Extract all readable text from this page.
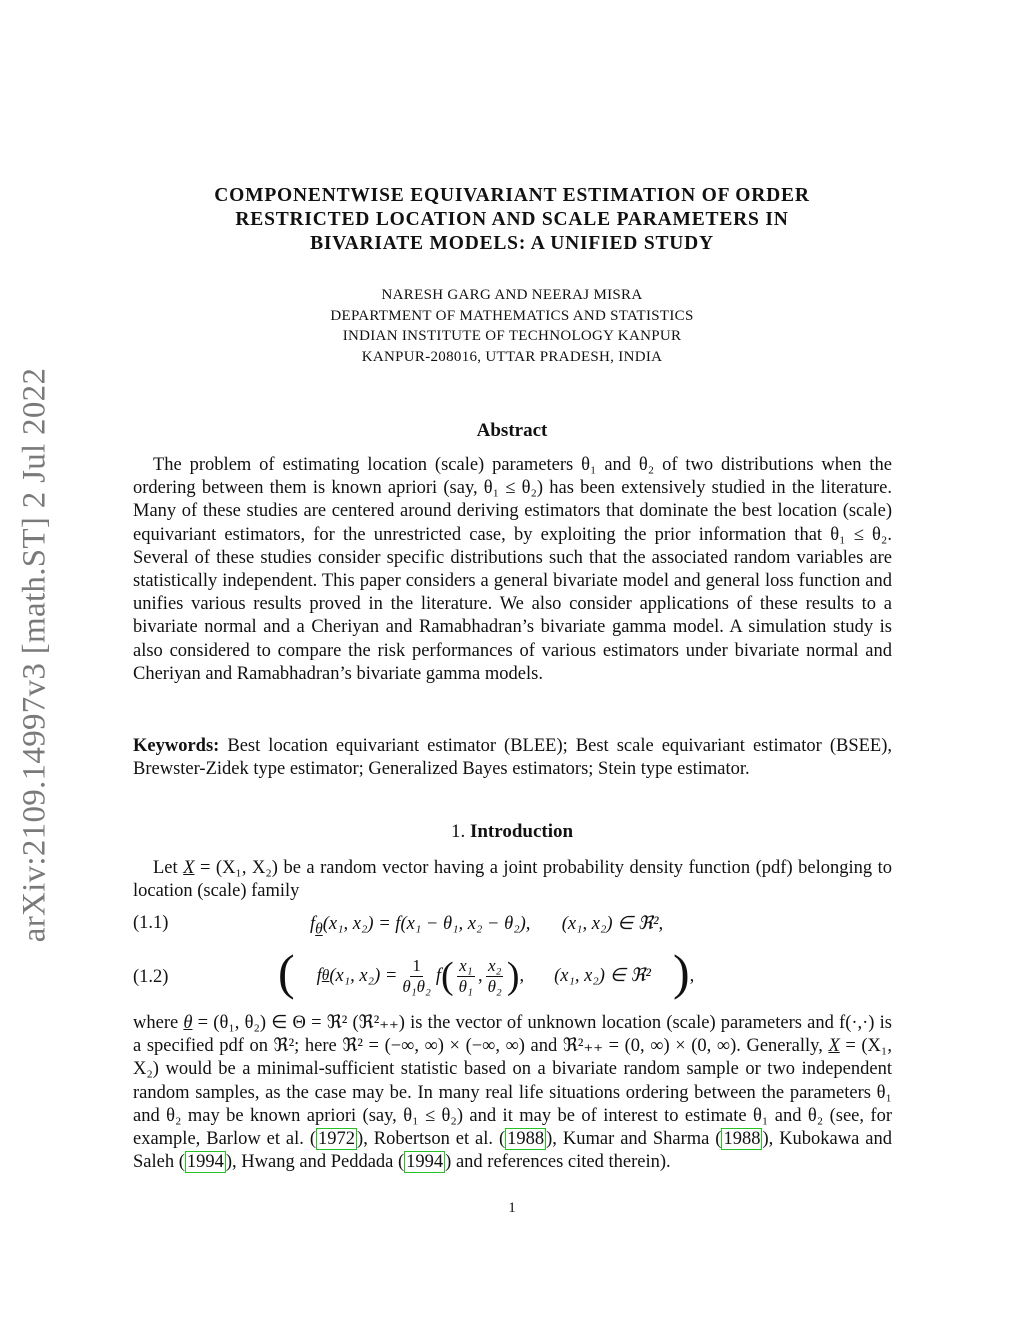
arXiv:2109.14997v3 [math.ST] 2 Jul 2022
COMPONENTWISE EQUIVARIANT ESTIMATION OF ORDER
RESTRICTED LOCATION AND SCALE PARAMETERS IN
BIVARIATE MODELS: A UNIFIED STUDY
NARESH GARG AND NEERAJ MISRA
DEPARTMENT OF MATHEMATICS AND STATISTICS
INDIAN INSTITUTE OF TECHNOLOGY KANPUR
KANPUR-208016, UTTAR PRADESH, INDIA
Abstract
The problem of estimating location (scale) parameters θ₁ and θ₂ of two distributions when the ordering between them is known apriori (say, θ₁ ≤ θ₂) has been extensively studied in the literature. Many of these studies are centered around deriving estimators that dominate the best location (scale) equivariant estimators, for the unrestricted case, by exploiting the prior information that θ₁ ≤ θ₂. Several of these studies consider specific distributions such that the associated random variables are statistically independent. This paper considers a general bivariate model and general loss function and unifies various results proved in the literature. We also consider applications of these results to a bivariate normal and a Cheriyan and Ramabhadran’s bivariate gamma model. A simulation study is also considered to compare the risk performances of various estimators under bivariate normal and Cheriyan and Ramabhadran’s bivariate gamma models.
Keywords: Best location equivariant estimator (BLEE); Best scale equivariant estimator (BSEE), Brewster-Zidek type estimator; Generalized Bayes estimators; Stein type estimator.
1. Introduction
Let X = (X₁, X₂) be a random vector having a joint probability density function (pdf) belonging to location (scale) family
(1.1)	$f_\theta(x_1$, x₂) = f(x₁ − θ₁, x₂ − θ₂), (x₁, x₂) ∈ ℜ²,
(1.2) ( f θ (x₁, $x_2) = \frac{1}{\text{θ₁θ₂}}$ f ( $\frac{\text{x₁}}{\text{θ₁}}$ , $\frac{\text{x₂}}{\text{θ₂}}$ ) , (x₁, x₂) ∈ ℜ² ) ,
where θ = (θ₁, θ₂) ∈ Θ = ℜ² (ℜ²₊₊) is the vector of unknown location (scale) parameters and f(·,·) is a specified pdf on ℜ²; here ℜ² = (−∞, ∞) × (−∞, ∞) and ℜ²₊₊ = (0, ∞) × (0, ∞). Generally, X = (X₁, X₂) would be a minimal-sufficient statistic based on a bivariate random sample or two independent random samples, as the case may be. In many real life situations ordering between the parameters θ₁ and θ₂ may be known apriori (say, θ₁ ≤ θ₂) and it may be of interest to estimate θ₁ and θ₂ (see, for example, Barlow et al. ( 1972 ), Robertson et al. ( 1988 ), Kumar and Sharma ( 1988 ), Kubokawa and Saleh ( 1994 ), Hwang and Peddada ( 1994 ) and references cited therein).
1
